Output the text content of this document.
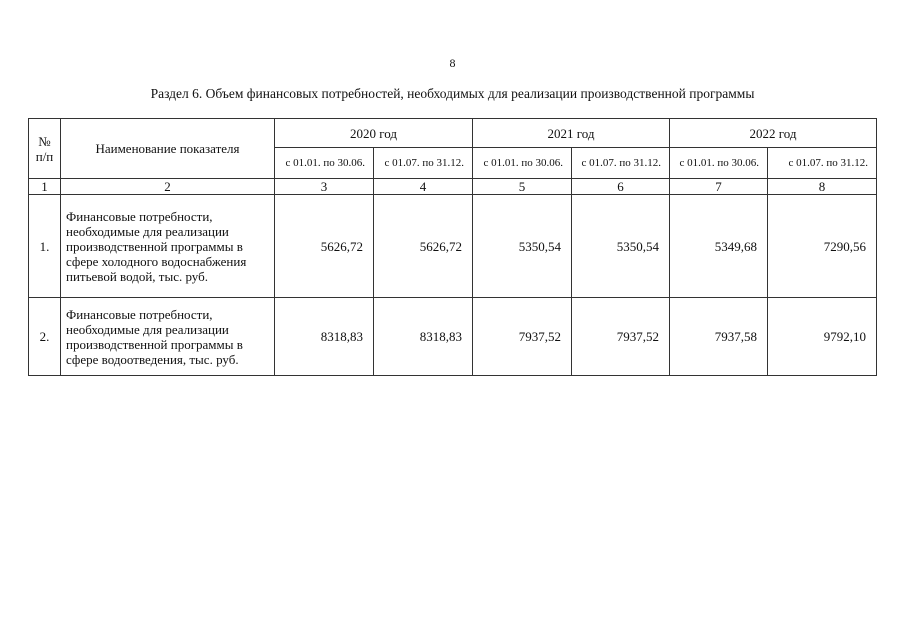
8
Раздел 6. Объем финансовых потребностей, необходимых для реализации производственной программы
№ п/п	Наименование показателя	2020 год		2021 год		2022 год	
		с 01.01. по 30.06.	с 01.07. по 31.12.	с 01.01. по 30.06.	с 01.07. по 31.12.	с 01.01. по 30.06.	с 01.07. по 31.12.
1	2	3	4	5	6	7	8
1.	Финансовые потребности, необходимые для реализации производственной программы в сфере холодного водоснабжения питьевой водой, тыс. руб.	5626,72	5626,72	5350,54	5350,54	5349,68	7290,56
2.	Финансовые потребности, необходимые для реализации производственной программы в сфере водоотведения, тыс. руб.	8318,83	8318,83	7937,52	7937,52	7937,58	9792,10
